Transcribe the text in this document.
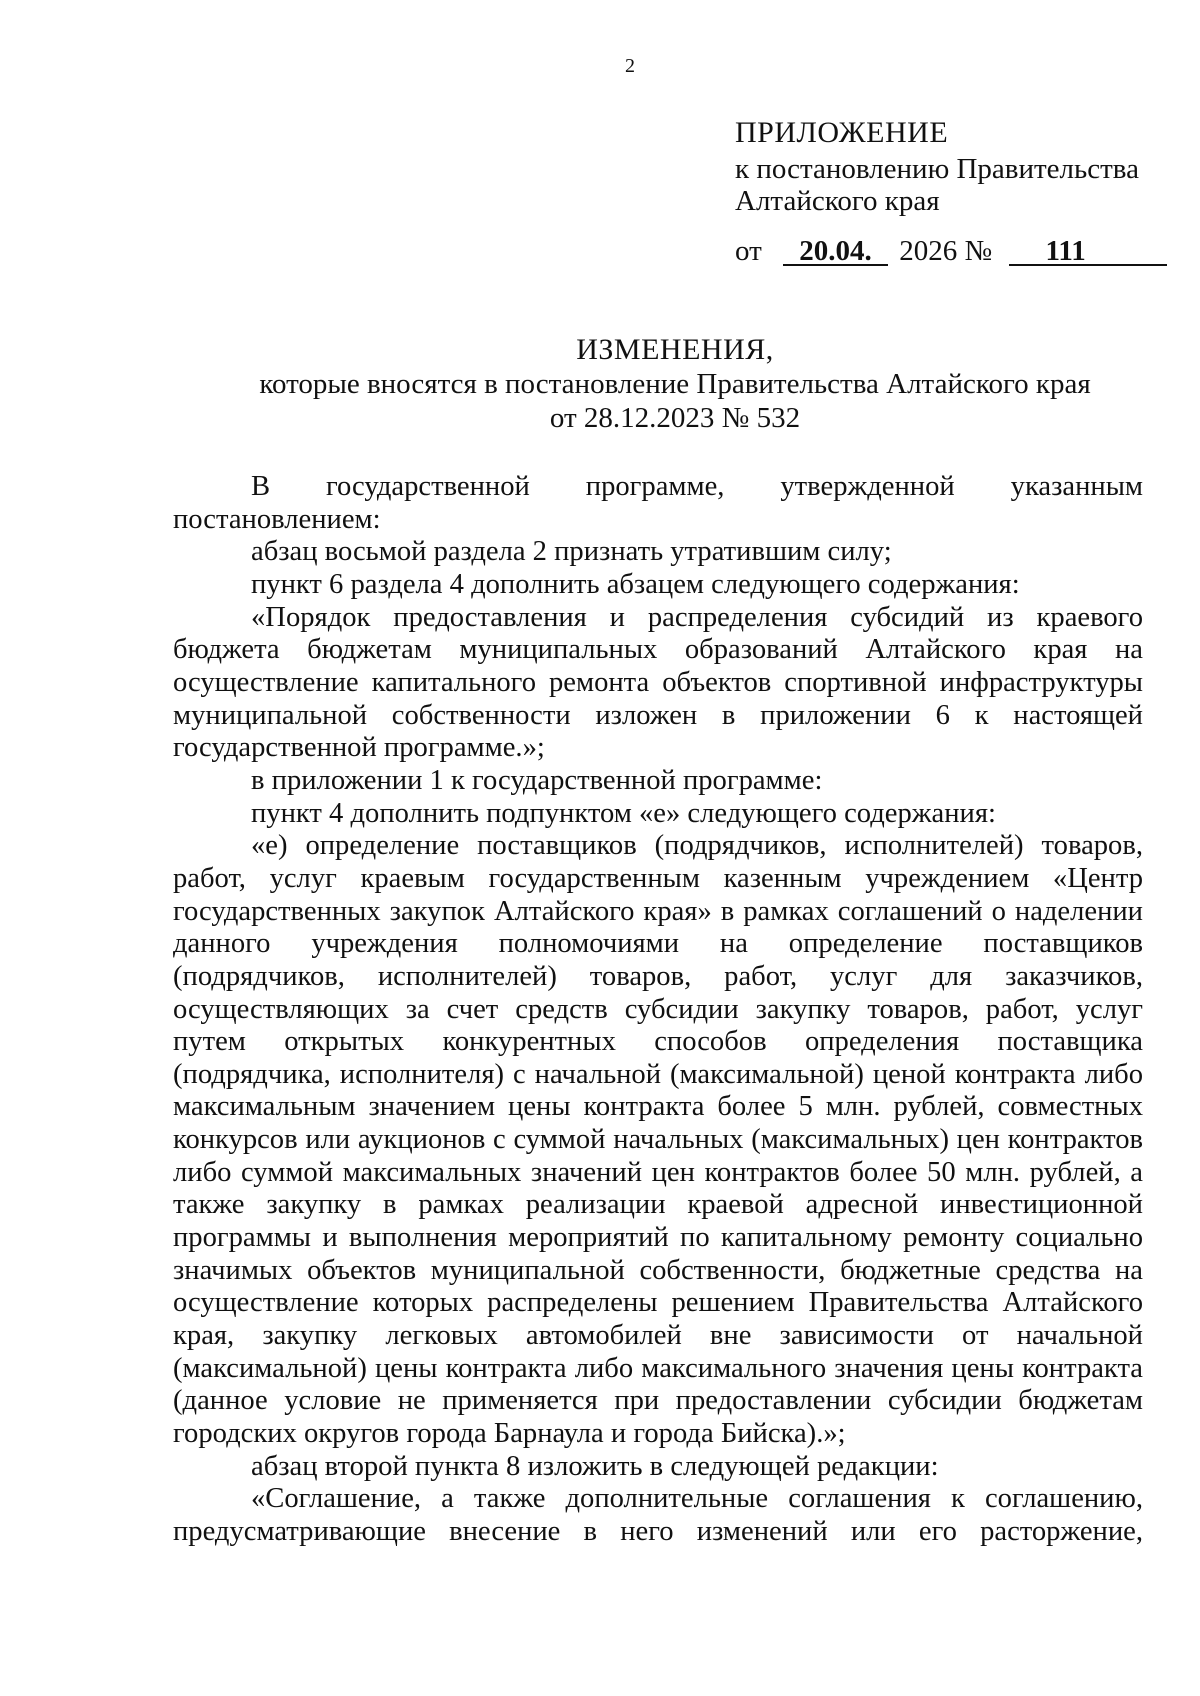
2
ПРИЛОЖЕНИЕ
к постановлению Правительства
Алтайского края
от 20.04. 2026 № 111
ИЗМЕНЕНИЯ,
которые вносятся в постановление Правительства Алтайского края
от 28.12.2023 № 532

В государственной программе, утвержденной указанным постановлением:

абзац восьмой раздела 2 признать утратившим силу;

пункт 6 раздела 4 дополнить абзацем следующего содержания:

«Порядок предоставления и распределения субсидий из краевого бюджета бюджетам муниципальных образований Алтайского края на осуществление капитального ремонта объектов спортивной инфраструктуры муниципальной собственности изложен в приложении 6 к настоящей государственной программе.»;

в приложении 1 к государственной программе:

пункт 4 дополнить подпунктом «е» следующего содержания:

«е) определение поставщиков (подрядчиков, исполнителей) товаров, работ, услуг краевым государственным казенным учреждением «Центр государственных закупок Алтайского края» в рамках соглашений о наделении данного учреждения полномочиями на определение поставщиков (подрядчиков, исполнителей) товаров, работ, услуг для заказчиков, осуществляющих за счет средств субсидии закупку товаров, работ, услуг путем открытых конкурентных способов определения поставщика (подрядчика, исполнителя) с начальной (максимальной) ценой контракта либо максимальным значением цены контракта более 5 млн. рублей, совместных конкурсов или аукционов с суммой начальных (максимальных) цен контрактов либо суммой максимальных значений цен контрактов более 50 млн. рублей, а также закупку в рамках реализации краевой адресной инвестиционной программы и выполнения мероприятий по капитальному ремонту социально значимых объектов муниципальной собственности, бюджетные средства на осуществление которых распределены решением Правительства Алтайского края, закупку легковых автомобилей вне зависимости от начальной (максимальной) цены контракта либо максимального значения цены контракта (данное условие не применяется при предоставлении субсидии бюджетам городских округов города Барнаула и города Бийска).»;

абзац второй пункта 8 изложить в следующей редакции:

«Соглашение, а также дополнительные соглашения к соглашению, предусматривающие внесение в него изменений или его расторжение,
